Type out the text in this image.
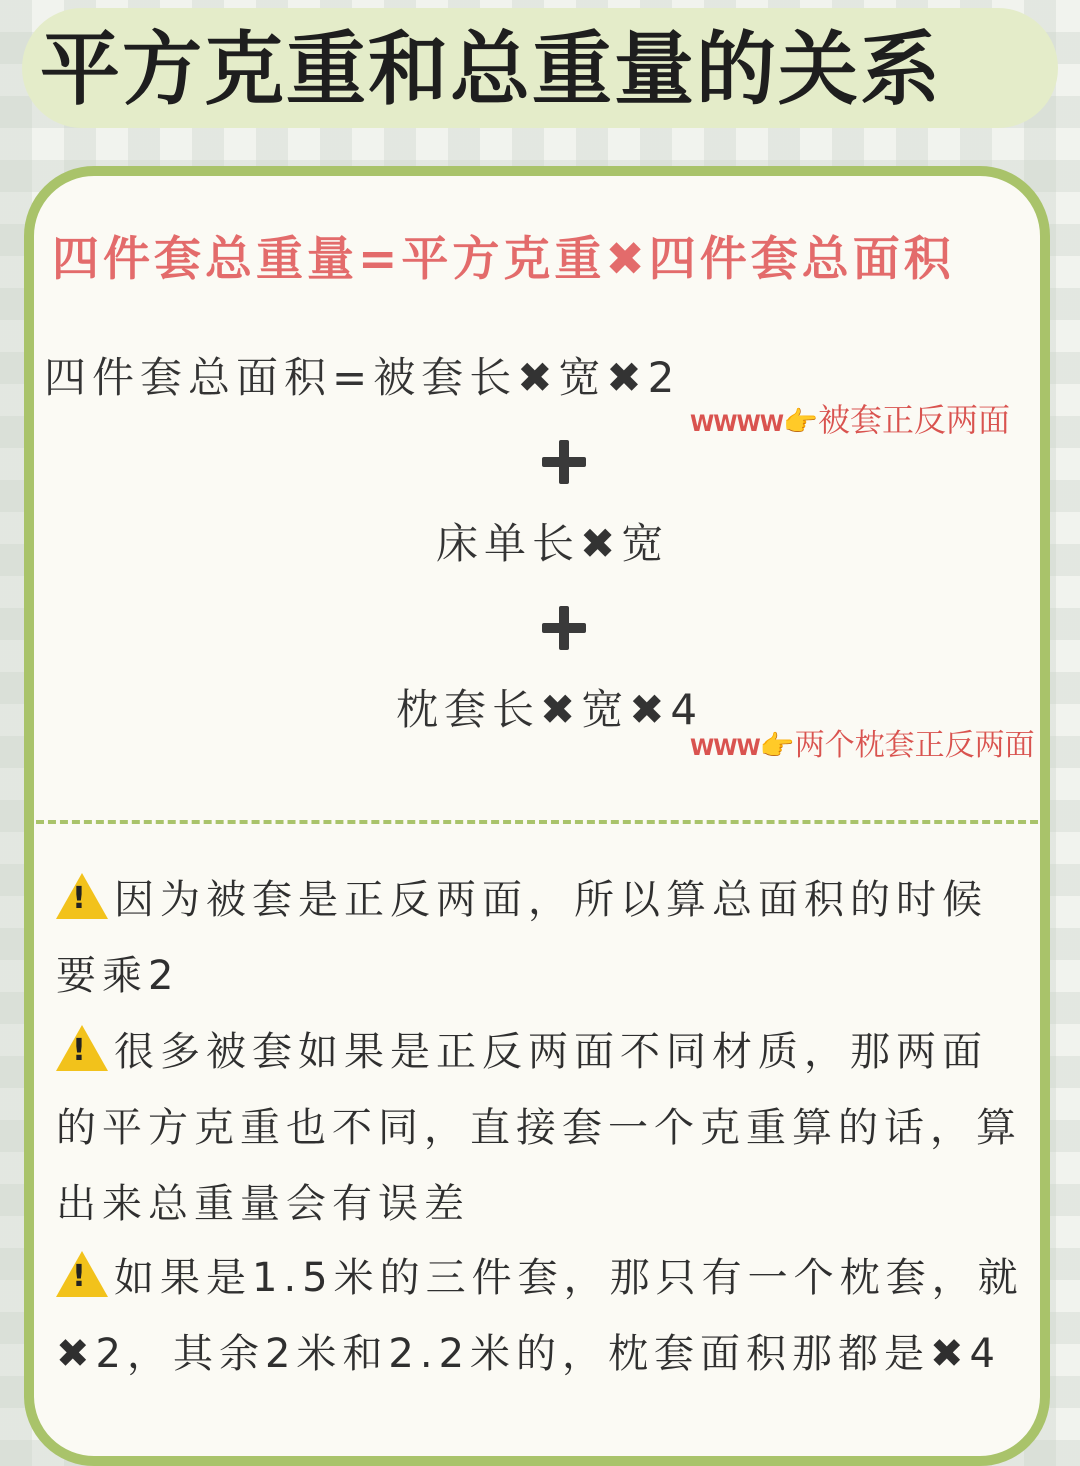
平方克重和总重量的关系
四件套总重量=平方克重✖四件套总面积
四件套总面积=被套长✖宽✖2
WWWW👉被套正反两面
床单长✖宽
枕套长✖宽✖4
WWW👉两个枕套正反两面
! 因为被套是正反两面，所以算总面积的时候要乘2
! 很多被套如果是正反两面不同材质，那两面的平方克重也不同，直接套一个克重算的话，算出来总重量会有误差
! 如果是1.5米的三件套，那只有一个枕套，就✖2，其余2米和2.2米的，枕套面积那都是✖4
